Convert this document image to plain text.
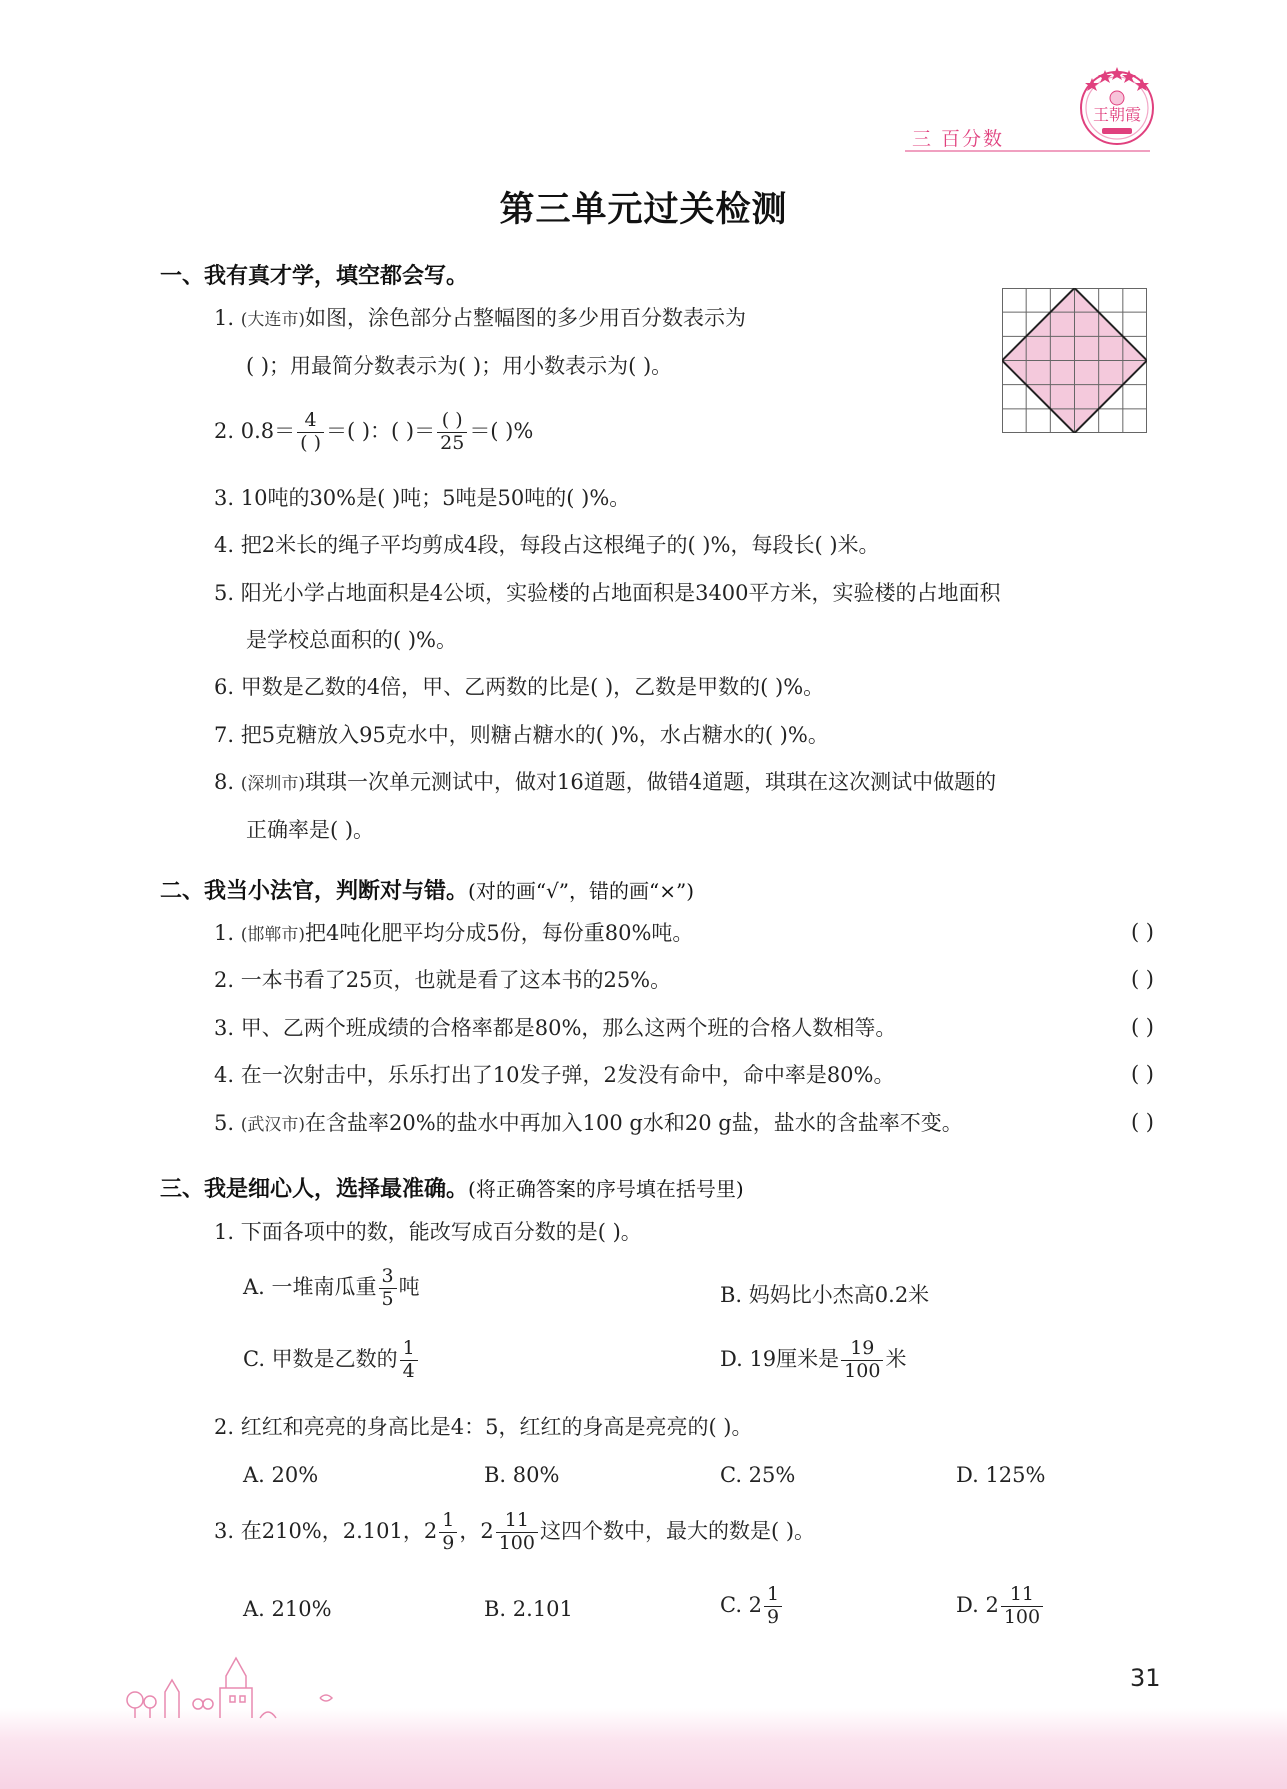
三 百分数
王朝霞
第三单元过关检测
一、我有真才学，填空都会写。
1. (大连市)如图，涂色部分占整幅图的多少用百分数表示为
( )；用最简分数表示为( )；用小数表示为( )。
2. $0.8= \frac{4}{( )}$ ＝( )：( )＝ $\frac{( )}{25}$ ＝( )%
3. 10吨的30%是( )吨；5吨是50吨的( )%。
4. 把2米长的绳子平均剪成4段，每段占这根绳子的( )%，每段长( )米。
5. 阳光小学占地面积是4公顷，实验楼的占地面积是3400平方米，实验楼的占地面积
是学校总面积的( )%。
6. 甲数是乙数的4倍，甲、乙两数的比是( )，乙数是甲数的( )%。
7. 把5克糖放入95克水中，则糖占糖水的( )%，水占糖水的( )%。
8. (深圳市)琪琪一次单元测试中，做对16道题，做错4道题，琪琪在这次测试中做题的
正确率是( )。
二、我当小法官，判断对与错。(对的画“√”，错的画“×”)
1. (邯郸市)把4吨化肥平均分成5份，每份重80%吨。	( )
2. 一本书看了25页，也就是看了这本书的25%。	( )
3. 甲、乙两个班成绩的合格率都是80%，那么这两个班的合格人数相等。	( )
4. 在一次射击中，乐乐打出了10发子弹，2发没有命中，命中率是80%。	( )
5. (武汉市)在含盐率20%的盐水中再加入100 g水和20 g盐，盐水的含盐率不变。	( )
三、我是细心人，选择最准确。(将正确答案的序号填在括号里)
1. 下面各项中的数，能改写成百分数的是( )。
A. 一堆南瓜重 $\frac{3}{5}$ 吨	B. 妈妈比小杰高0.2米
C. 甲数是乙数的 $\frac{1}{4}$	D. 19厘米是 $\frac{19}{100}$ 米
2. 红红和亮亮的身高比是4：5，红红的身高是亮亮的( )。
A. 20%	B. 80%	C. 25%	D. 125%
3. 在210%，2.101，$2 \frac{1}{9}$ ，$2 \frac{11}{100}$ 这四个数中，最大的数是( )。
A. 210%	B. 2.101	C. $2 \frac{1}{9}$	D. $2 \frac{11}{100}$
31
